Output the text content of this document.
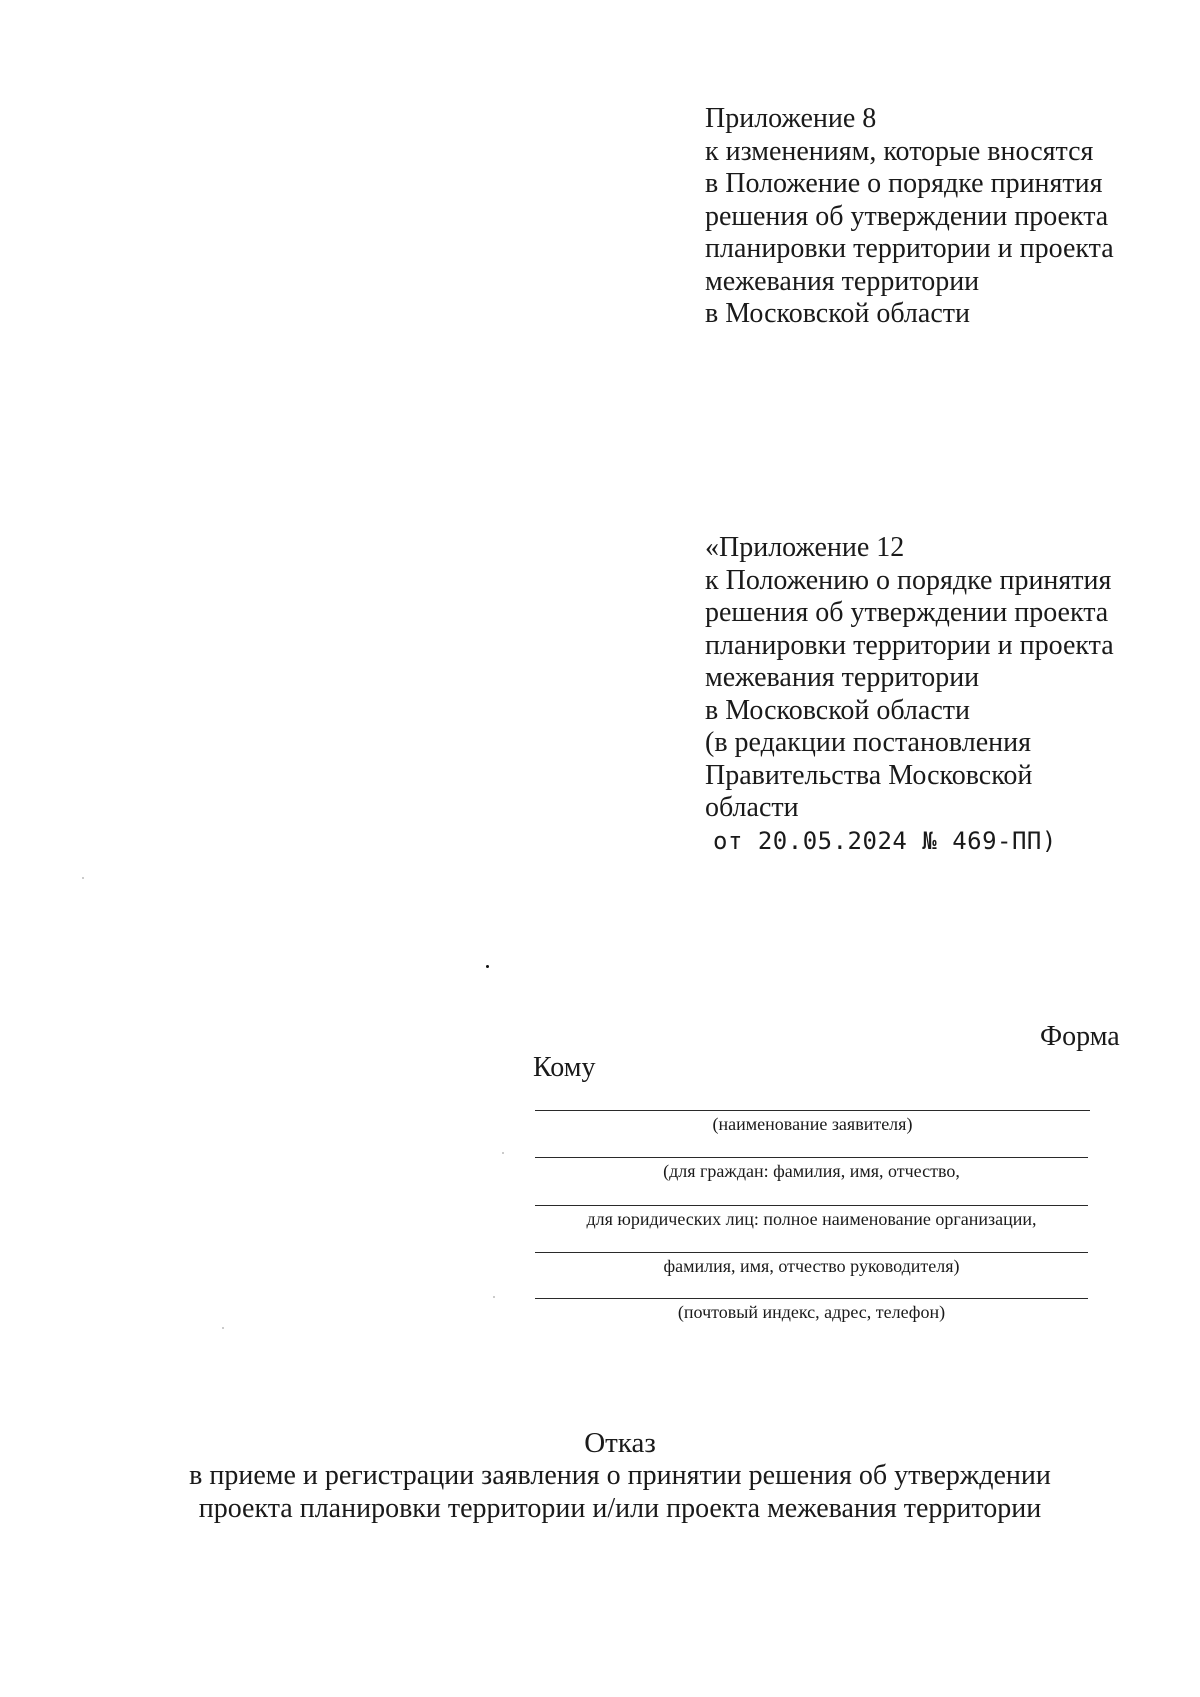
Приложение 8
к изменениям, которые вносятся
в Положение о порядке принятия
решения об утверждении проекта
планировки территории и проекта
межевания территории
в Московской области
«Приложение 12
к Положению о порядке принятия
решения об утверждении проекта
планировки территории и проекта
межевания территории
в Московской области
(в редакции постановления
Правительства Московской
области
от 20.05.2024 № 469-ПП)
Форма
Кому
(наименование заявителя)
(для граждан: фамилия, имя, отчество,
для юридических лиц: полное наименование организации,
фамилия, имя, отчество руководителя)
(почтовый индекс, адрес, телефон)
Отказ
в приеме и регистрации заявления о принятии решения об утверждении
проекта планировки территории и/или проекта межевания территории
